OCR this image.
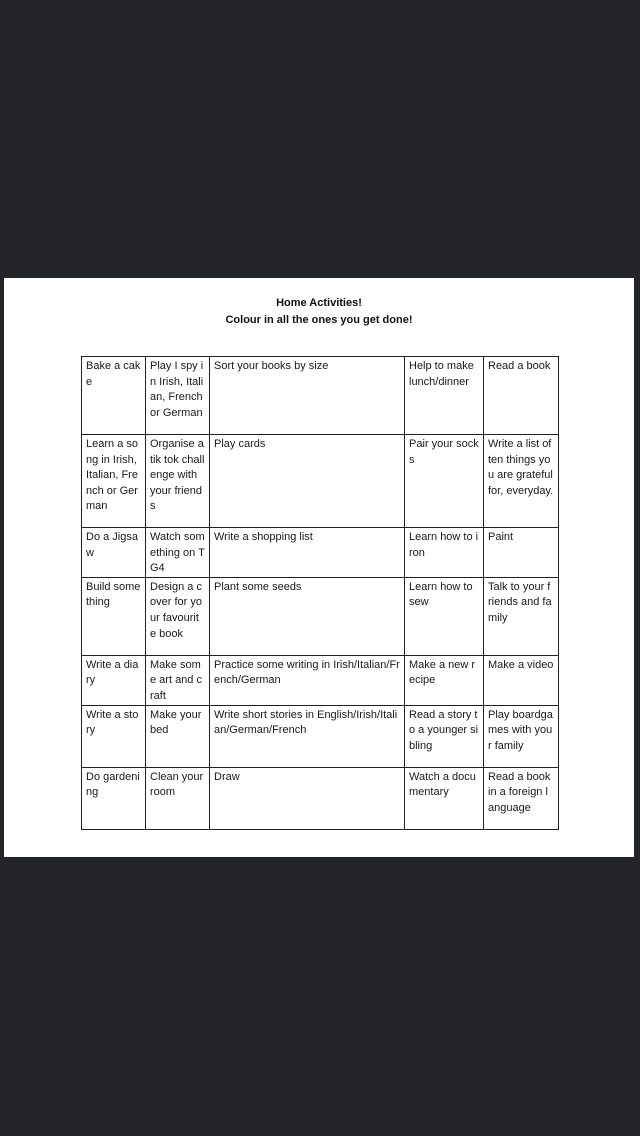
Home Activities!
Colour in all the ones you get done!
Bake a cake	Play I spy in Irish, Italian, French or German	Sort your books by size	Help to make lunch/dinner	Read a book
Learn a song in Irish, Italian, French or German	Organise a tik tok challenge with your friends	Play cards	Pair your socks	Write a list of ten things you are grateful for, everyday.
Do a Jigsaw	Watch something on TG4	Write a shopping list	Learn how to iron	Paint
Build something	Design a cover for your favourite book	Plant some seeds	Learn how to sew	Talk to your friends and family
Write a diary	Make some art and craft	Practice some writing in Irish/Italian/French/German	Make a new recipe	Make a video
Write a story	Make your bed	Write short stories in English/Irish/Italian/German/French	Read a story to a younger sibling	Play boardgames with your family
Do gardening	Clean your room	Draw	Watch a documentary	Read a book in a foreign language
